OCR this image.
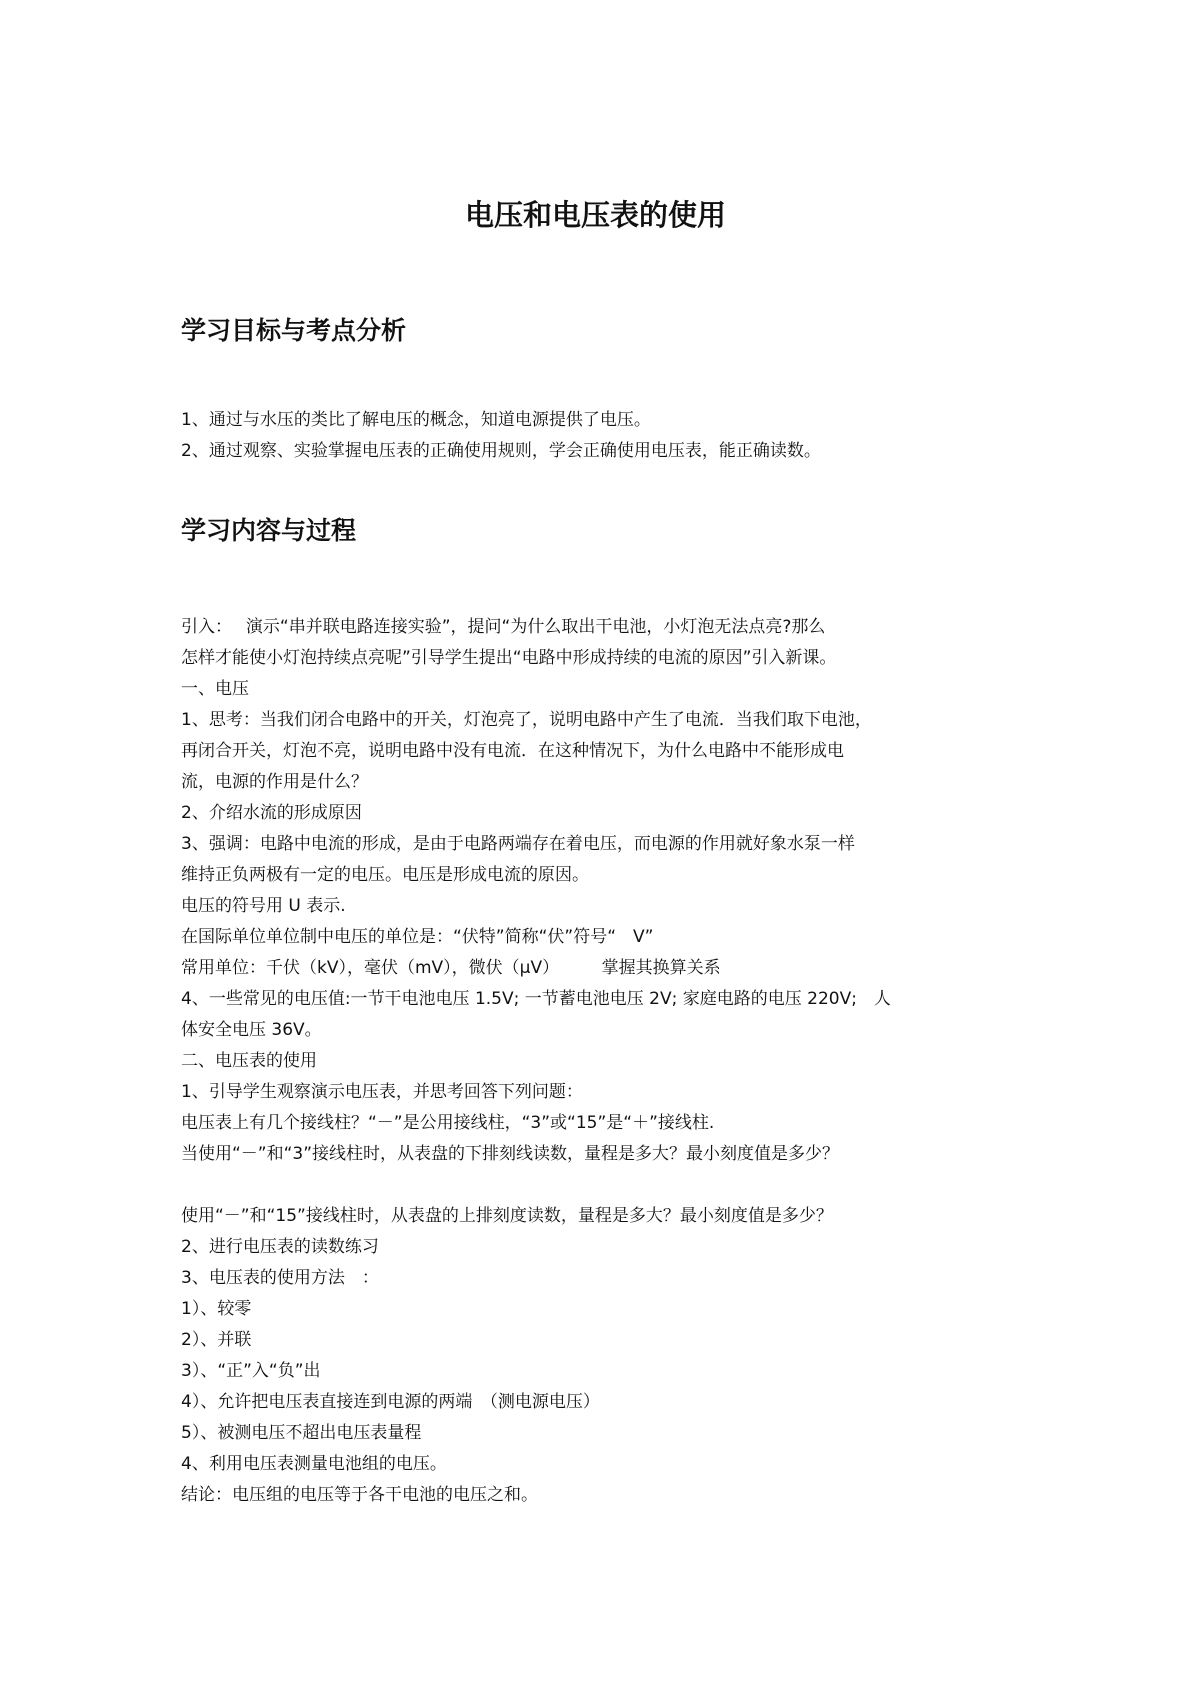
电压和电压表的使用
学习目标与考点分析
1、通过与水压的类比了解电压的概念，知道电源提供了电压。
2、通过观察、实验掌握电压表的正确使用规则，学会正确使用电压表，能正确读数。
学习内容与过程
引入：　 演示“串并联电路连接实验”，提问“为什么取出干电池，小灯泡无法点亮?那么
怎样才能使小灯泡持续点亮呢”引导学生提出“电路中形成持续的电流的原因”引入新课。
一、电压
1、思考：当我们闭合电路中的开关，灯泡亮了，说明电路中产生了电流．当我们取下电池，
再闭合开关，灯泡不亮，说明电路中没有电流．在这种情况下，为什么电路中不能形成电
流，电源的作用是什么？
2、介绍水流的形成原因
3、强调：电路中电流的形成，是由于电路两端存在着电压，而电源的作用就好象水泵一样
维持正负两极有一定的电压。电压是形成电流的原因。
电压的符号用 U 表示.
在国际单位单位制中电压的单位是：“伏特”简称“伏”符号“　V”
常用单位：千伏（kV），毫伏（mV），微伏（μV）　　　掌握其换算关系
4、一些常见的电压值:一节干电池电压 1.5V; 一节蓄电池电压 2V; 家庭电路的电压 220V;　人
体安全电压 36V。
二、电压表的使用
1、引导学生观察演示电压表，并思考回答下列问题：
电压表上有几个接线柱？“－”是公用接线柱，“3”或“15”是“＋”接线柱.
当使用“－”和“3”接线柱时，从表盘的下排刻线读数，量程是多大？最小刻度值是多少？
使用“－”和“15”接线柱时，从表盘的上排刻度读数，量程是多大？最小刻度值是多少？
2、进行电压表的读数练习
3、电压表的使用方法　：
1）、较零
2）、并联
3）、“正”入“负”出
4）、允许把电压表直接连到电源的两端　（测电源电压）
5）、被测电压不超出电压表量程
4、利用电压表测量电池组的电压。
结论：电压组的电压等于各干电池的电压之和。
